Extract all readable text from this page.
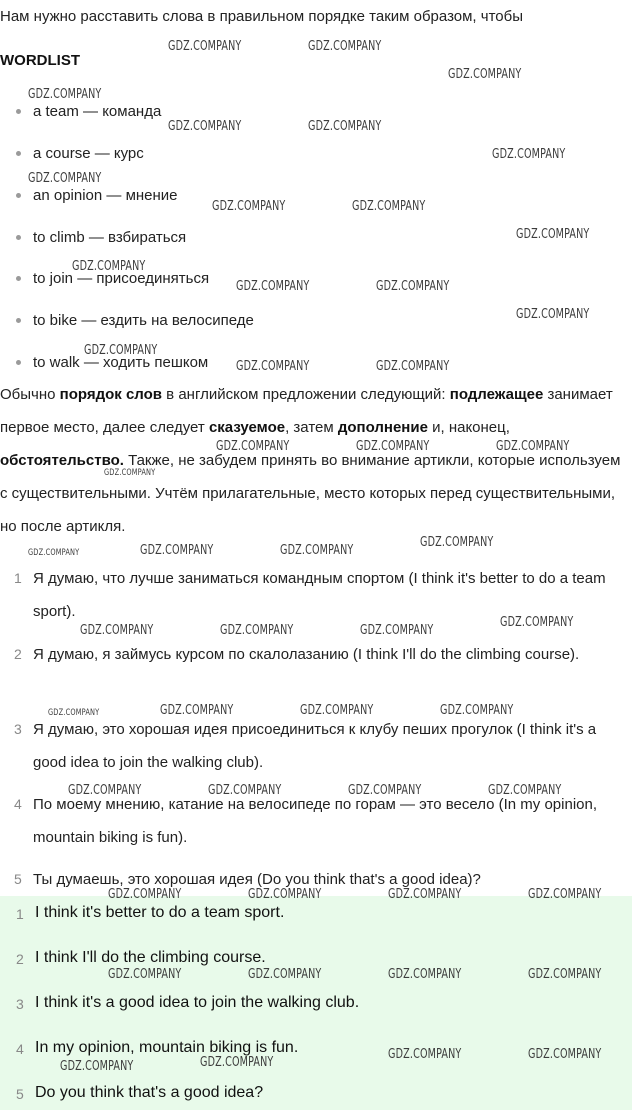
Нам нужно расставить слова в правильном порядке таким образом, чтобы
WORDLIST
a team — команда
a course — курс
an opinion — мнение
to climb — взбираться
to join — присоединяться
to bike — ездить на велосипеде
to walk — ходить пешком
Обычно порядок слов в английском предложении следующий: подлежащее занимает первое место, далее следует сказуемое, затем дополнение и, наконец, обстоятельство. Также, не забудем принять во внимание артикли, которые используем с существительными. Учтём прилагательные, место которых перед существительными, но после артикля.
1 Я думаю, что лучше заниматься командным спортом (I think it's better to do a team sport).
2 Я думаю, я займусь курсом по скалолазанию (I think I'll do the climbing course).
3 Я думаю, это хорошая идея присоединиться к клубу пеших прогулок (I think it's a good idea to join the walking club).
4 По моему мнению, катание на велосипеде по горам — это весело (In my opinion, mountain biking is fun).
5 Ты думаешь, это хорошая идея (Do you think that's a good idea)?
1 I think it's better to do a team sport.
2 I think I'll do the climbing course.
3 I think it's a good idea to join the walking club.
4 In my opinion, mountain biking is fun.
5 Do you think that's a good idea?
GDZ.COMPANY	GDZ.COMPANY
GDZ.COMPANY
GDZ.COMPANY
GDZ.COMPANY	GDZ.COMPANY
GDZ.COMPANY
GDZ.COMPANY
GDZ.COMPANY	GDZ.COMPANY
GDZ.COMPANY
GDZ.COMPANY
GDZ.COMPANY	GDZ.COMPANY
GDZ.COMPANY
GDZ.COMPANY
GDZ.COMPANY	GDZ.COMPANY
GDZ.COMPANY	GDZ.COMPANY	GDZ.COMPANY
GDZ.COMPANY
GDZ.COMPANY
GDZ.COMPANY	GDZ.COMPANY	GDZ.COMPANY
GDZ.COMPANY
GDZ.COMPANY	GDZ.COMPANY	GDZ.COMPANY
GDZ.COMPANY	GDZ.COMPANY	GDZ.COMPANY	GDZ.COMPANY
GDZ.COMPANY	GDZ.COMPANY	GDZ.COMPANY	GDZ.COMPANY
GDZ.COMPANY	GDZ.COMPANY	GDZ.COMPANY	GDZ.COMPANY
GDZ.COMPANY	GDZ.COMPANY	GDZ.COMPANY	GDZ.COMPANY
GDZ.COMPANY	GDZ.COMPANY
GDZ.COMPANY
GDZ.COMPANY
